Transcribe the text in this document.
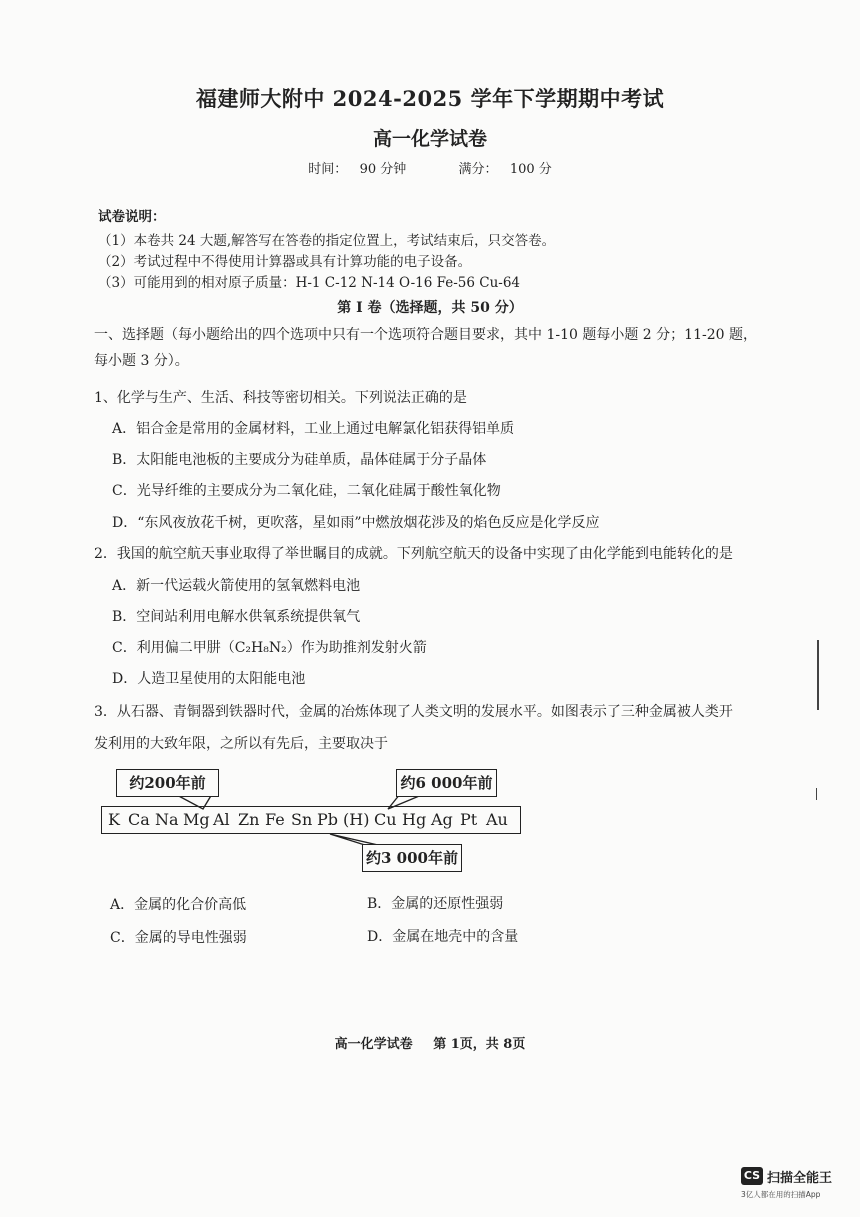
福建师大附中 2024-2025 学年下学期期中考试
高一化学试卷
时间： 90 分钟	满分： 100 分
试卷说明：
（1）本卷共 24 大题,解答写在答卷的指定位置上，考试结束后，只交答卷。
（2）考试过程中不得使用计算器或具有计算功能的电子设备。
（3）可能用到的相对原子质量：H-1 C-12 N-14 O-16 Fe-56 Cu-64
第 I 卷（选择题，共 50 分）
一、选择题（每小题给出的四个选项中只有一个选项符合题目要求，其中 1-10 题每小题 2 分；11-20 题，
每小题 3 分）。
1、化学与生产、生活、科技等密切相关。下列说法正确的是
A．铝合金是常用的金属材料，工业上通过电解氯化铝获得铝单质
B．太阳能电池板的主要成分为硅单质，晶体硅属于分子晶体
C．光导纤维的主要成分为二氧化硅，二氧化硅属于酸性氧化物
D．“东风夜放花千树，更吹落，星如雨”中燃放烟花涉及的焰色反应是化学反应
2．我国的航空航天事业取得了举世瞩目的成就。下列航空航天的设备中实现了由化学能到电能转化的是
A．新一代运载火箭使用的氢氧燃料电池
B．空间站利用电解水供氧系统提供氧气
C．利用偏二甲肼（C₂H₈N₂）作为助推剂发射火箭
D．人造卫星使用的太阳能电池
3．从石器、青铜器到铁器时代，金属的冶炼体现了人类文明的发展水平。如图表示了三种金属被人类开
发利用的大致年限，之所以有先后，主要取决于
K Ca Na Mg Al Zn Fe Sn Pb (H) Cu Hg Ag Pt Au
约200年前	约6 000年前
约3 000年前
A．金属的化合价高低	B．金属的还原性强弱
C．金属的导电性强弱	D．金属在地壳中的含量
高一化学试卷 第 1页，共 8页
CS 扫描全能王
3亿人都在用的扫描App
